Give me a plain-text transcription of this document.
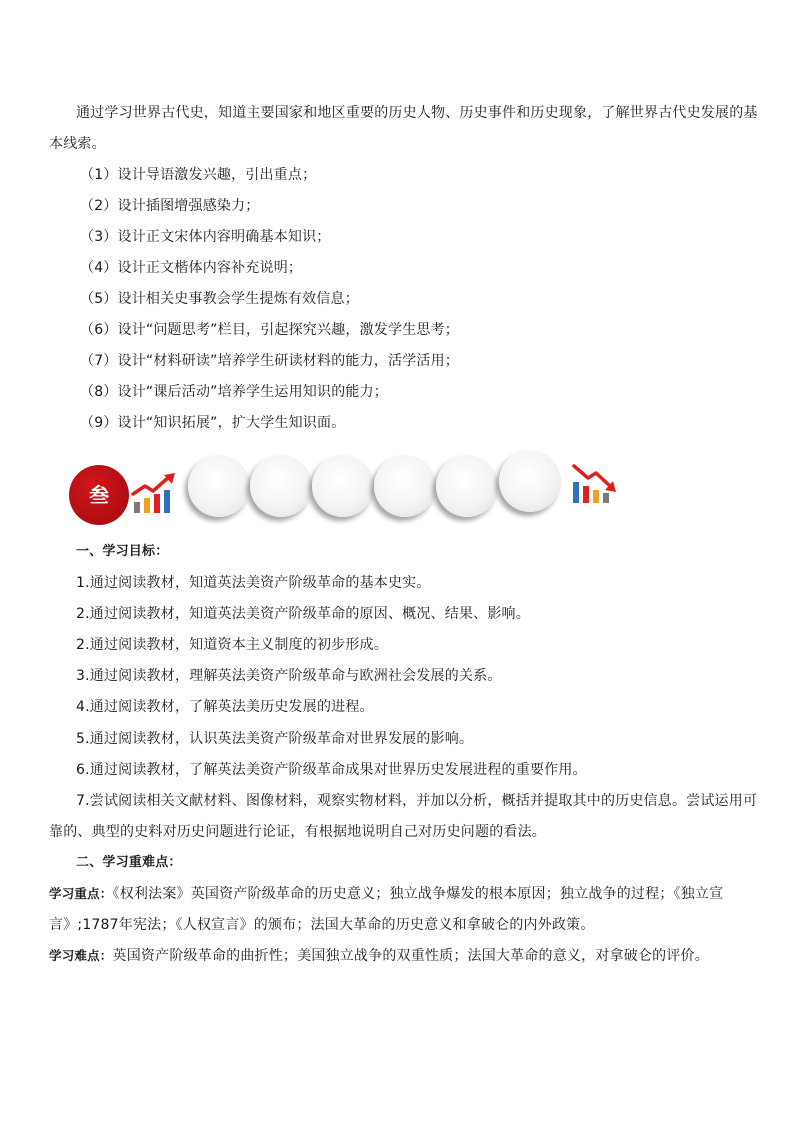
通过学习世界古代史，知道主要国家和地区重要的历史人物、历史事件和历史现象，了解世界古代史发展的基
本线索。
（1）设计导语激发兴趣，引出重点；
（2）设计插图增强感染力；
（3）设计正文宋体内容明确基本知识；
（4）设计正文楷体内容补充说明；
（5）设计相关史事教会学生提炼有效信息；
（6）设计“问题思考”栏目，引起探究兴趣，激发学生思考；
（7）设计“材料研读”培养学生研读材料的能力，活学活用；
（8）设计“课后活动”培养学生运用知识的能力；
（9）设计“知识拓展”，扩大学生知识面。
叁
一、学习目标：
1.通过阅读教材，知道英法美资产阶级革命的基本史实。
2.通过阅读教材，知道英法美资产阶级革命的原因、概况、结果、影响。
2.通过阅读教材，知道资本主义制度的初步形成。
3.通过阅读教材，理解英法美资产阶级革命与欧洲社会发展的关系。
4.通过阅读教材，了解英法美历史发展的进程。
5.通过阅读教材，认识英法美资产阶级革命对世界发展的影响。
6.通过阅读教材，了解英法美资产阶级革命成果对世界历史发展进程的重要作用。
7.尝试阅读相关文献材料、图像材料，观察实物材料，并加以分析，概括并提取其中的历史信息。尝试运用可
靠的、典型的史料对历史问题进行论证，有根据地说明自己对历史问题的看法。
二、学习重难点：
学习重点：《权利法案》英国资产阶级革命的历史意义；独立战争爆发的根本原因；独立战争的过程；《独立宣
言》;1787年宪法；《人权宣言》的颁布；法国大革命的历史意义和拿破仑的内外政策。
学习难点：英国资产阶级革命的曲折性；美国独立战争的双重性质；法国大革命的意义，对拿破仑的评价。
